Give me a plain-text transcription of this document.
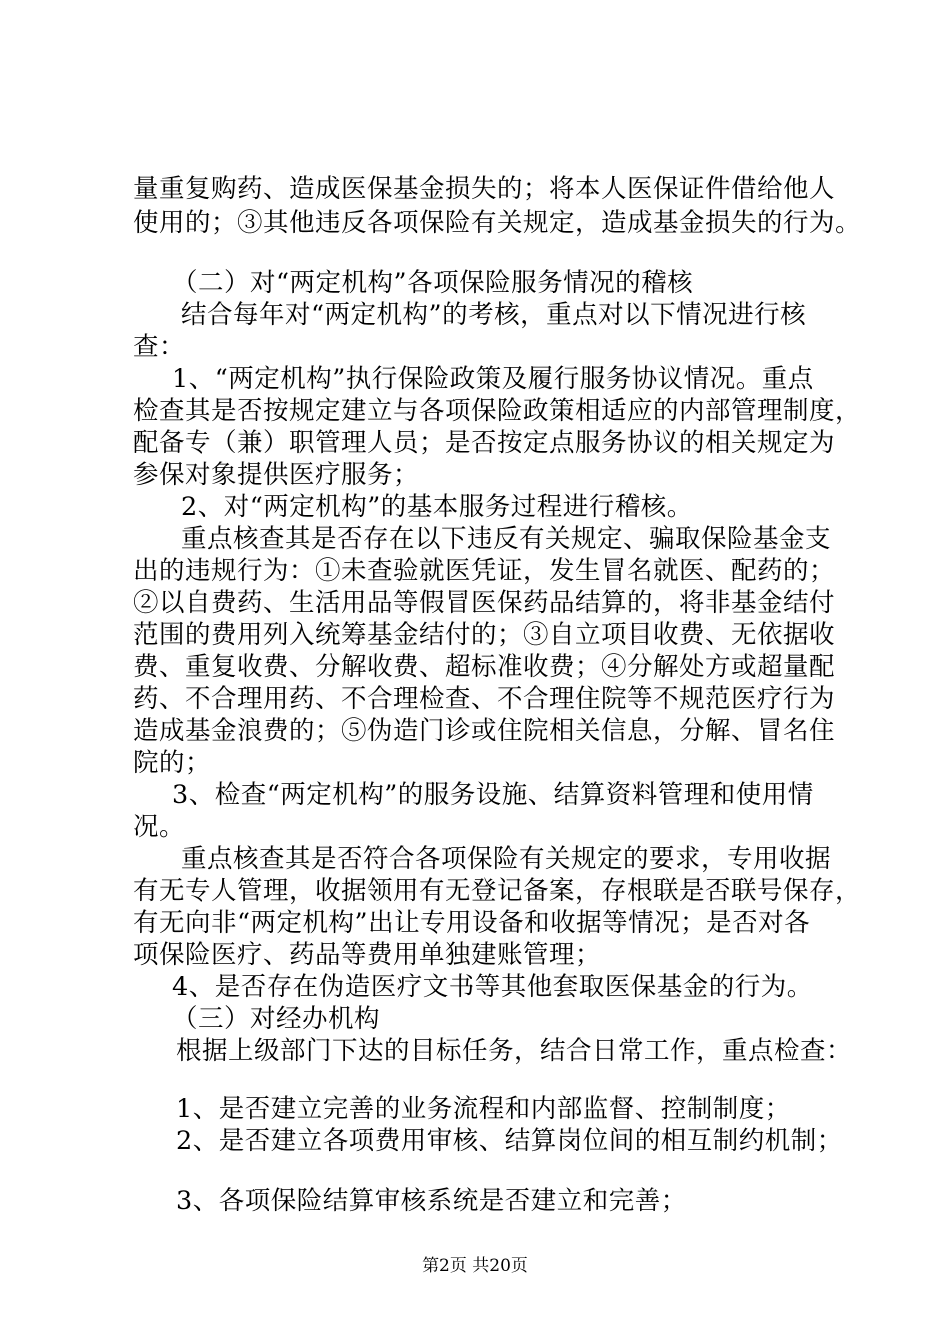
量重复购药、造成医保基金损失的；将本人医保证件借给他人
使用的；③其他违反各项保险有关规定，造成基金损失的行为。
（二）对“两定机构”各项保险服务情况的稽核
结合每年对“两定机构”的考核，重点对以下情况进行核
查：
1、“两定机构”执行保险政策及履行服务协议情况。重点
检查其是否按规定建立与各项保险政策相适应的内部管理制度，
配备专（兼）职管理人员；是否按定点服务协议的相关规定为
参保对象提供医疗服务；
2、对“两定机构”的基本服务过程进行稽核。
重点核查其是否存在以下违反有关规定、骗取保险基金支
出的违规行为：①未查验就医凭证，发生冒名就医、配药的；
②以自费药、生活用品等假冒医保药品结算的，将非基金结付
范围的费用列入统筹基金结付的；③自立项目收费、无依据收
费、重复收费、分解收费、超标准收费；④分解处方或超量配
药、不合理用药、不合理检查、不合理住院等不规范医疗行为
造成基金浪费的；⑤伪造门诊或住院相关信息，分解、冒名住
院的；
3、检查“两定机构”的服务设施、结算资料管理和使用情
况。
重点核查其是否符合各项保险有关规定的要求，专用收据
有无专人管理，收据领用有无登记备案，存根联是否联号保存，
有无向非“两定机构”出让专用设备和收据等情况；是否对各
项保险医疗、药品等费用单独建账管理；
4、是否存在伪造医疗文书等其他套取医保基金的行为。
（三）对经办机构
根据上级部门下达的目标任务，结合日常工作，重点检查：
1、是否建立完善的业务流程和内部监督、控制制度；
2、是否建立各项费用审核、结算岗位间的相互制约机制；
3、各项保险结算审核系统是否建立和完善；
第2页 共20页
